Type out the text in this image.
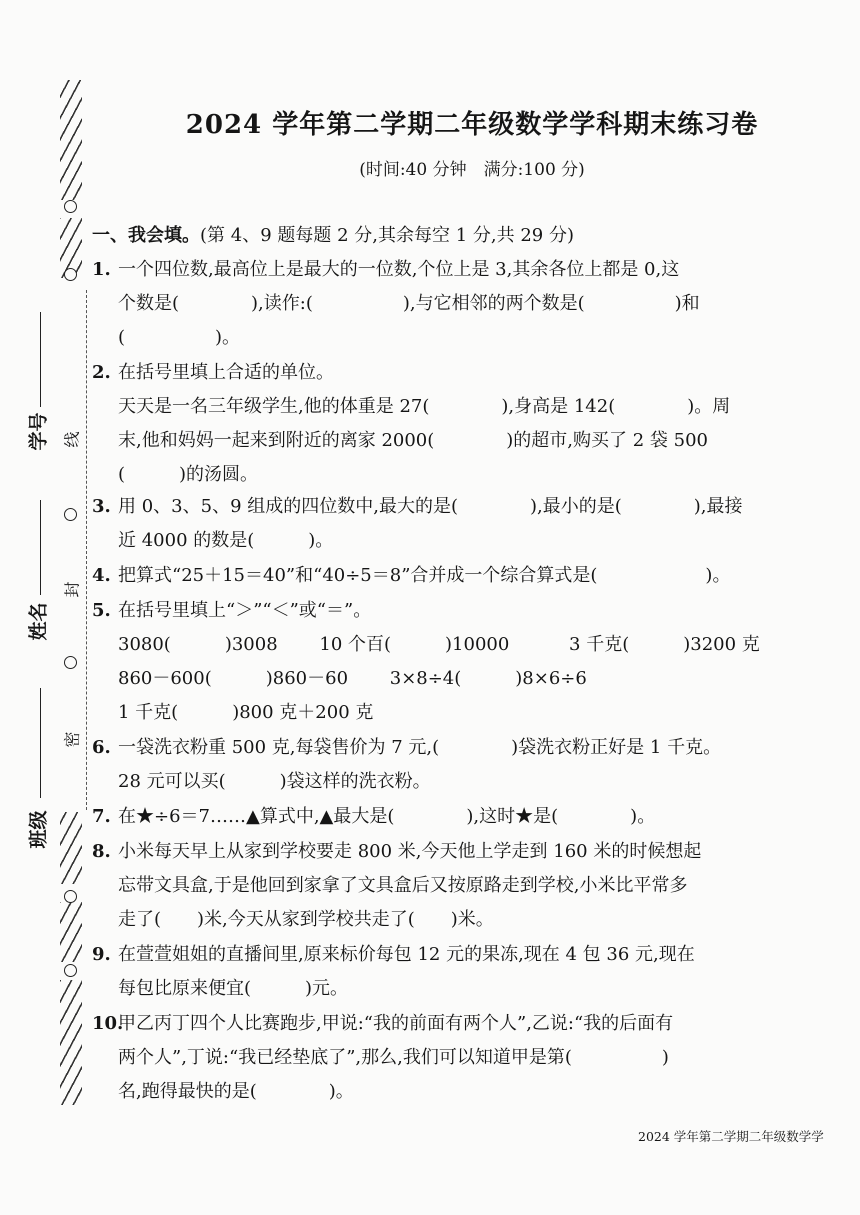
线
封
密
学号
姓名
班级
2024 学年第二学期二年级数学学科期末练习卷
(时间:40 分钟　满分:100 分)
一、我会填。(第 4、9 题每题 2 分,其余每空 1 分,共 29 分)
1. 一个四位数,最高位上是最大的一位数,个位上是 3,其余各位上都是 0,这
个数是(　　　　),读作:(　　　　　),与它相邻的两个数是(　　　　　)和
(　　　　　)。
2. 在括号里填上合适的单位。
天天是一名三年级学生,他的体重是 27(　　　　),身高是 142(　　　　)。周
末,他和妈妈一起来到附近的离家 2000(　　　　)的超市,购买了 2 袋 500
(　　　)的汤圆。
3. 用 0、3、5、9 组成的四位数中,最大的是(　　　　),最小的是(　　　　),最接
近 4000 的数是(　　　)。
4. 把算式“25＋15＝40”和“40÷5＝8”合并成一个综合算式是(　　　　　　)。
5. 在括号里填上“＞”“＜”或“＝”。
3080(　　　)3008　　 10 个百(　　　)10000　　　 3 千克(　　　)3200 克
860－600(　　　)860－60　　 3×8÷4(　　　)8×6÷6
1 千克(　　　)800 克＋200 克
6. 一袋洗衣粉重 500 克,每袋售价为 7 元,(　　　　)袋洗衣粉正好是 1 千克。
28 元可以买(　　　)袋这样的洗衣粉。
7. 在★÷6＝7……▲算式中,▲最大是(　　　　),这时★是(　　　　)。
8. 小米每天早上从家到学校要走 800 米,今天他上学走到 160 米的时候想起
忘带文具盒,于是他回到家拿了文具盒后又按原路走到学校,小米比平常多
走了(　　)米,今天从家到学校共走了(　　)米。
9. 在萱萱姐姐的直播间里,原来标价每包 12 元的果冻,现在 4 包 36 元,现在
每包比原来便宜(　　　)元。
10.甲乙丙丁四个人比赛跑步,甲说:“我的前面有两个人”,乙说:“我的后面有
两个人”,丁说:“我已经垫底了”,那么,我们可以知道甲是第(　　　　　)
名,跑得最快的是(　　　　)。
2024 学年第二学期二年级数学学
